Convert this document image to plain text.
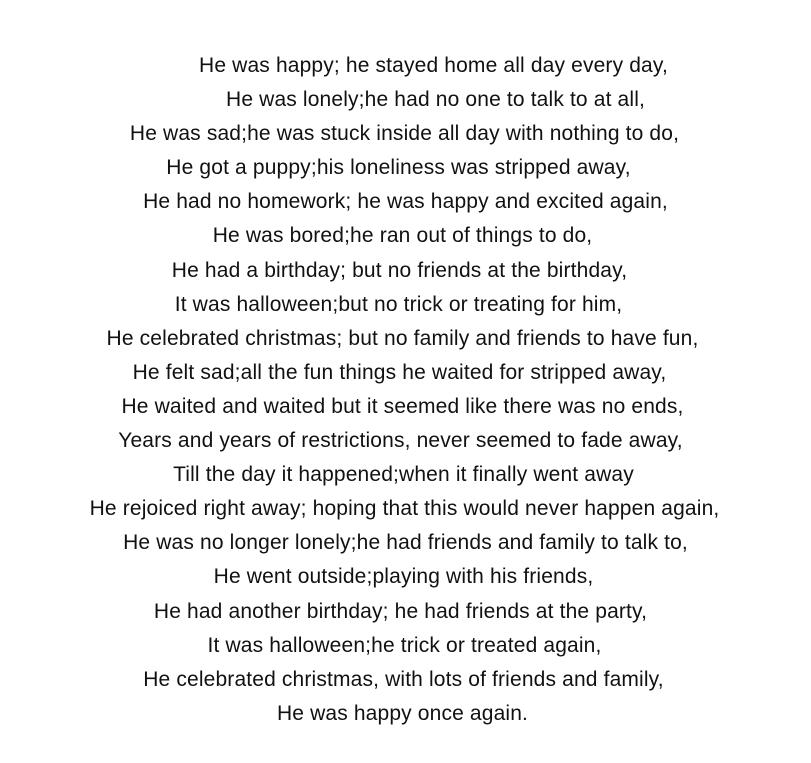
He was happy; he stayed home all day every day,
He was lonely;he had no one to talk to at all,
He was sad;he was stuck inside all day with nothing to do,
He got a puppy;his loneliness was stripped away,
He had no homework; he was happy and excited again,
He was bored;he ran out of things to do,
He had a birthday; but no friends at the birthday,
It was halloween;but no trick or treating for him,
He celebrated christmas; but no family and friends to have fun,
He felt sad;all the fun things he waited for stripped away,
He waited and waited but it seemed like there was no ends,
Years and years of restrictions, never seemed to fade away,
Till the day it happened;when it finally went away
He rejoiced right away; hoping that this would never happen again,
He was no longer lonely;he had friends and family to talk to,
He went outside;playing with his friends,
He had another birthday; he had friends at the party,
It was halloween;he trick or treated again,
He celebrated christmas, with lots of friends and family,
He was happy once again.
